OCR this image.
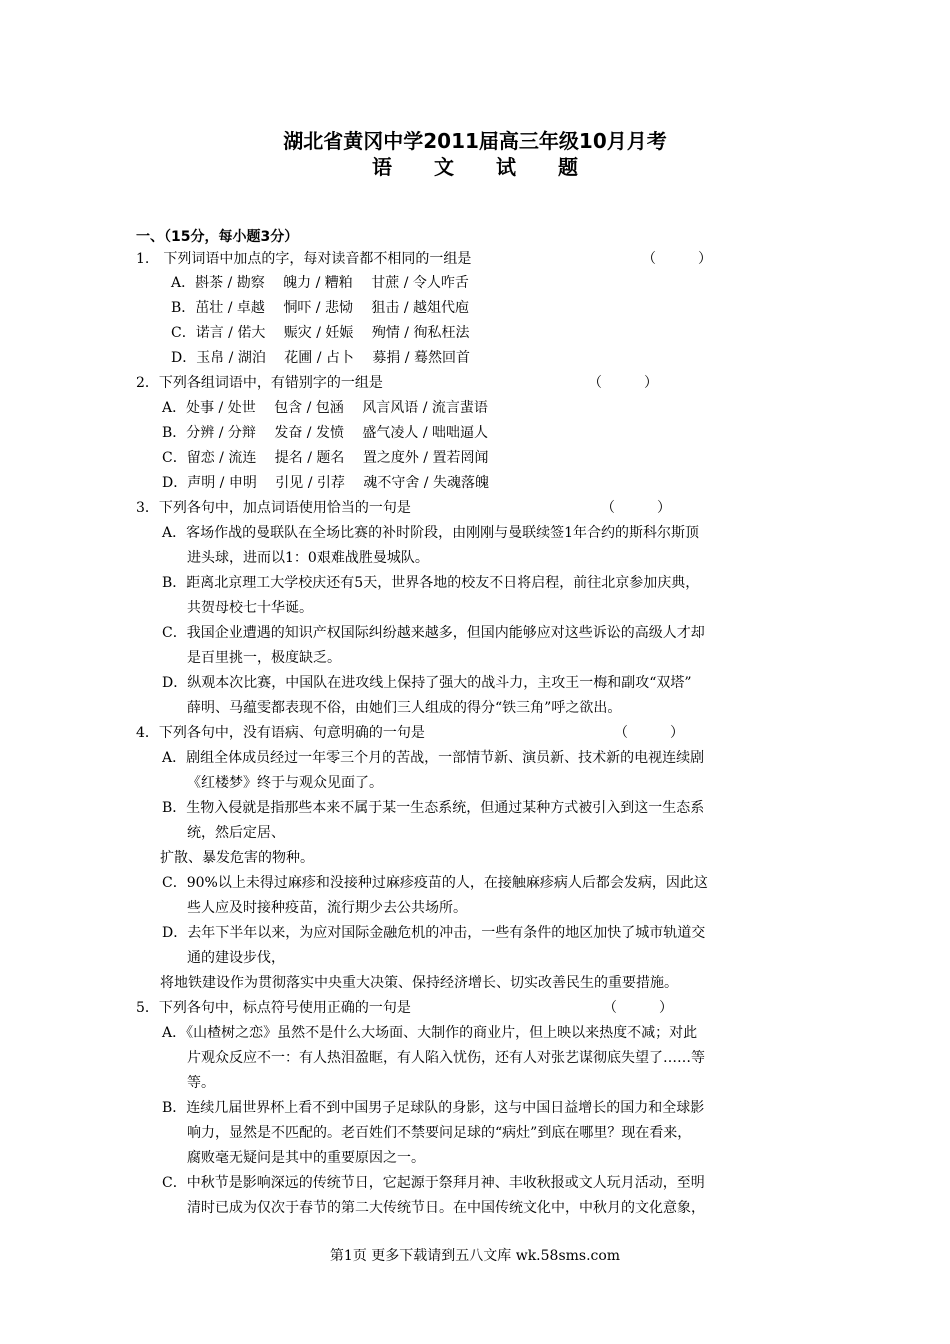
湖北省黄冈中学2011届高三年级10月月考
语文试题
一、（15分，每小题3分）
1.　下列词语中加点的字，每对读音都不相同的一组是	（　　　）
A．斟茶 / 勘察　 魄力 / 糟粕　 甘蔗 / 令人咋舌
B．茁壮 / 卓越　 恫吓 / 悲恸　 狙击 / 越俎代庖
C．诺言 / 偌大　 赈灾 / 妊娠　 殉情 / 徇私枉法
D．玉帛 / 湖泊　 花圃 / 占卜　 募捐 / 蓦然回首
2．下列各组词语中，有错别字的一组是	（　　　）
A．处事 / 处世　 包含 / 包涵　 风言风语 / 流言蜚语
B．分辨 / 分辩　 发奋 / 发愤　 盛气凌人 / 咄咄逼人
C．留恋 / 流连　 提名 / 题名　 置之度外 / 置若罔闻
D．声明 / 申明　 引见 / 引荐　 魂不守舍 / 失魂落魄
3．下列各句中，加点词语使用恰当的一句是	（　　　）
A．客场作战的曼联队在全场比赛的补时阶段，由刚刚与曼联续签1年合约的斯科尔斯顶
进头球，进而以1：0艰难战胜曼城队。
B．距离北京理工大学校庆还有5天，世界各地的校友不日将启程，前往北京参加庆典，
共贺母校七十华诞。
C．我国企业遭遇的知识产权国际纠纷越来越多，但国内能够应对这些诉讼的高级人才却
是百里挑一，极度缺乏。
D．纵观本次比赛，中国队在进攻线上保持了强大的战斗力，主攻王一梅和副攻“双塔”
薛明、马蕴雯都表现不俗，由她们三人组成的得分“铁三角”呼之欲出。
4．下列各句中，没有语病、句意明确的一句是	（　　　）
A．剧组全体成员经过一年零三个月的苦战，一部情节新、演员新、技术新的电视连续剧
《红楼梦》终于与观众见面了。
B．生物入侵就是指那些本来不属于某一生态系统，但通过某种方式被引入到这一生态系
统，然后定居、
扩散、暴发危害的物种。
C．90%以上未得过麻疹和没接种过麻疹疫苗的人，在接触麻疹病人后都会发病，因此这
些人应及时接种疫苗，流行期少去公共场所。
D．去年下半年以来，为应对国际金融危机的冲击，一些有条件的地区加快了城市轨道交
通的建设步伐，
将地铁建设作为贯彻落实中央重大决策、保持经济增长、切实改善民生的重要措施。
5．下列各句中，标点符号使用正确的一句是	（　　　）
A．《山楂树之恋》虽然不是什么大场面、大制作的商业片，但上映以来热度不减；对此
片观众反应不一：有人热泪盈眶，有人陷入忧伤，还有人对张艺谋彻底失望了……等
等。
B．连续几届世界杯上看不到中国男子足球队的身影，这与中国日益增长的国力和全球影
响力，显然是不匹配的。老百姓们不禁要问足球的“病灶”到底在哪里？现在看来，
腐败毫无疑问是其中的重要原因之一。
C．中秋节是影响深远的传统节日，它起源于祭拜月神、丰收秋报或文人玩月活动，至明
清时已成为仅次于春节的第二大传统节日。在中国传统文化中，中秋月的文化意象，
第1页 更多下载请到五八文库 wk.58sms.com
